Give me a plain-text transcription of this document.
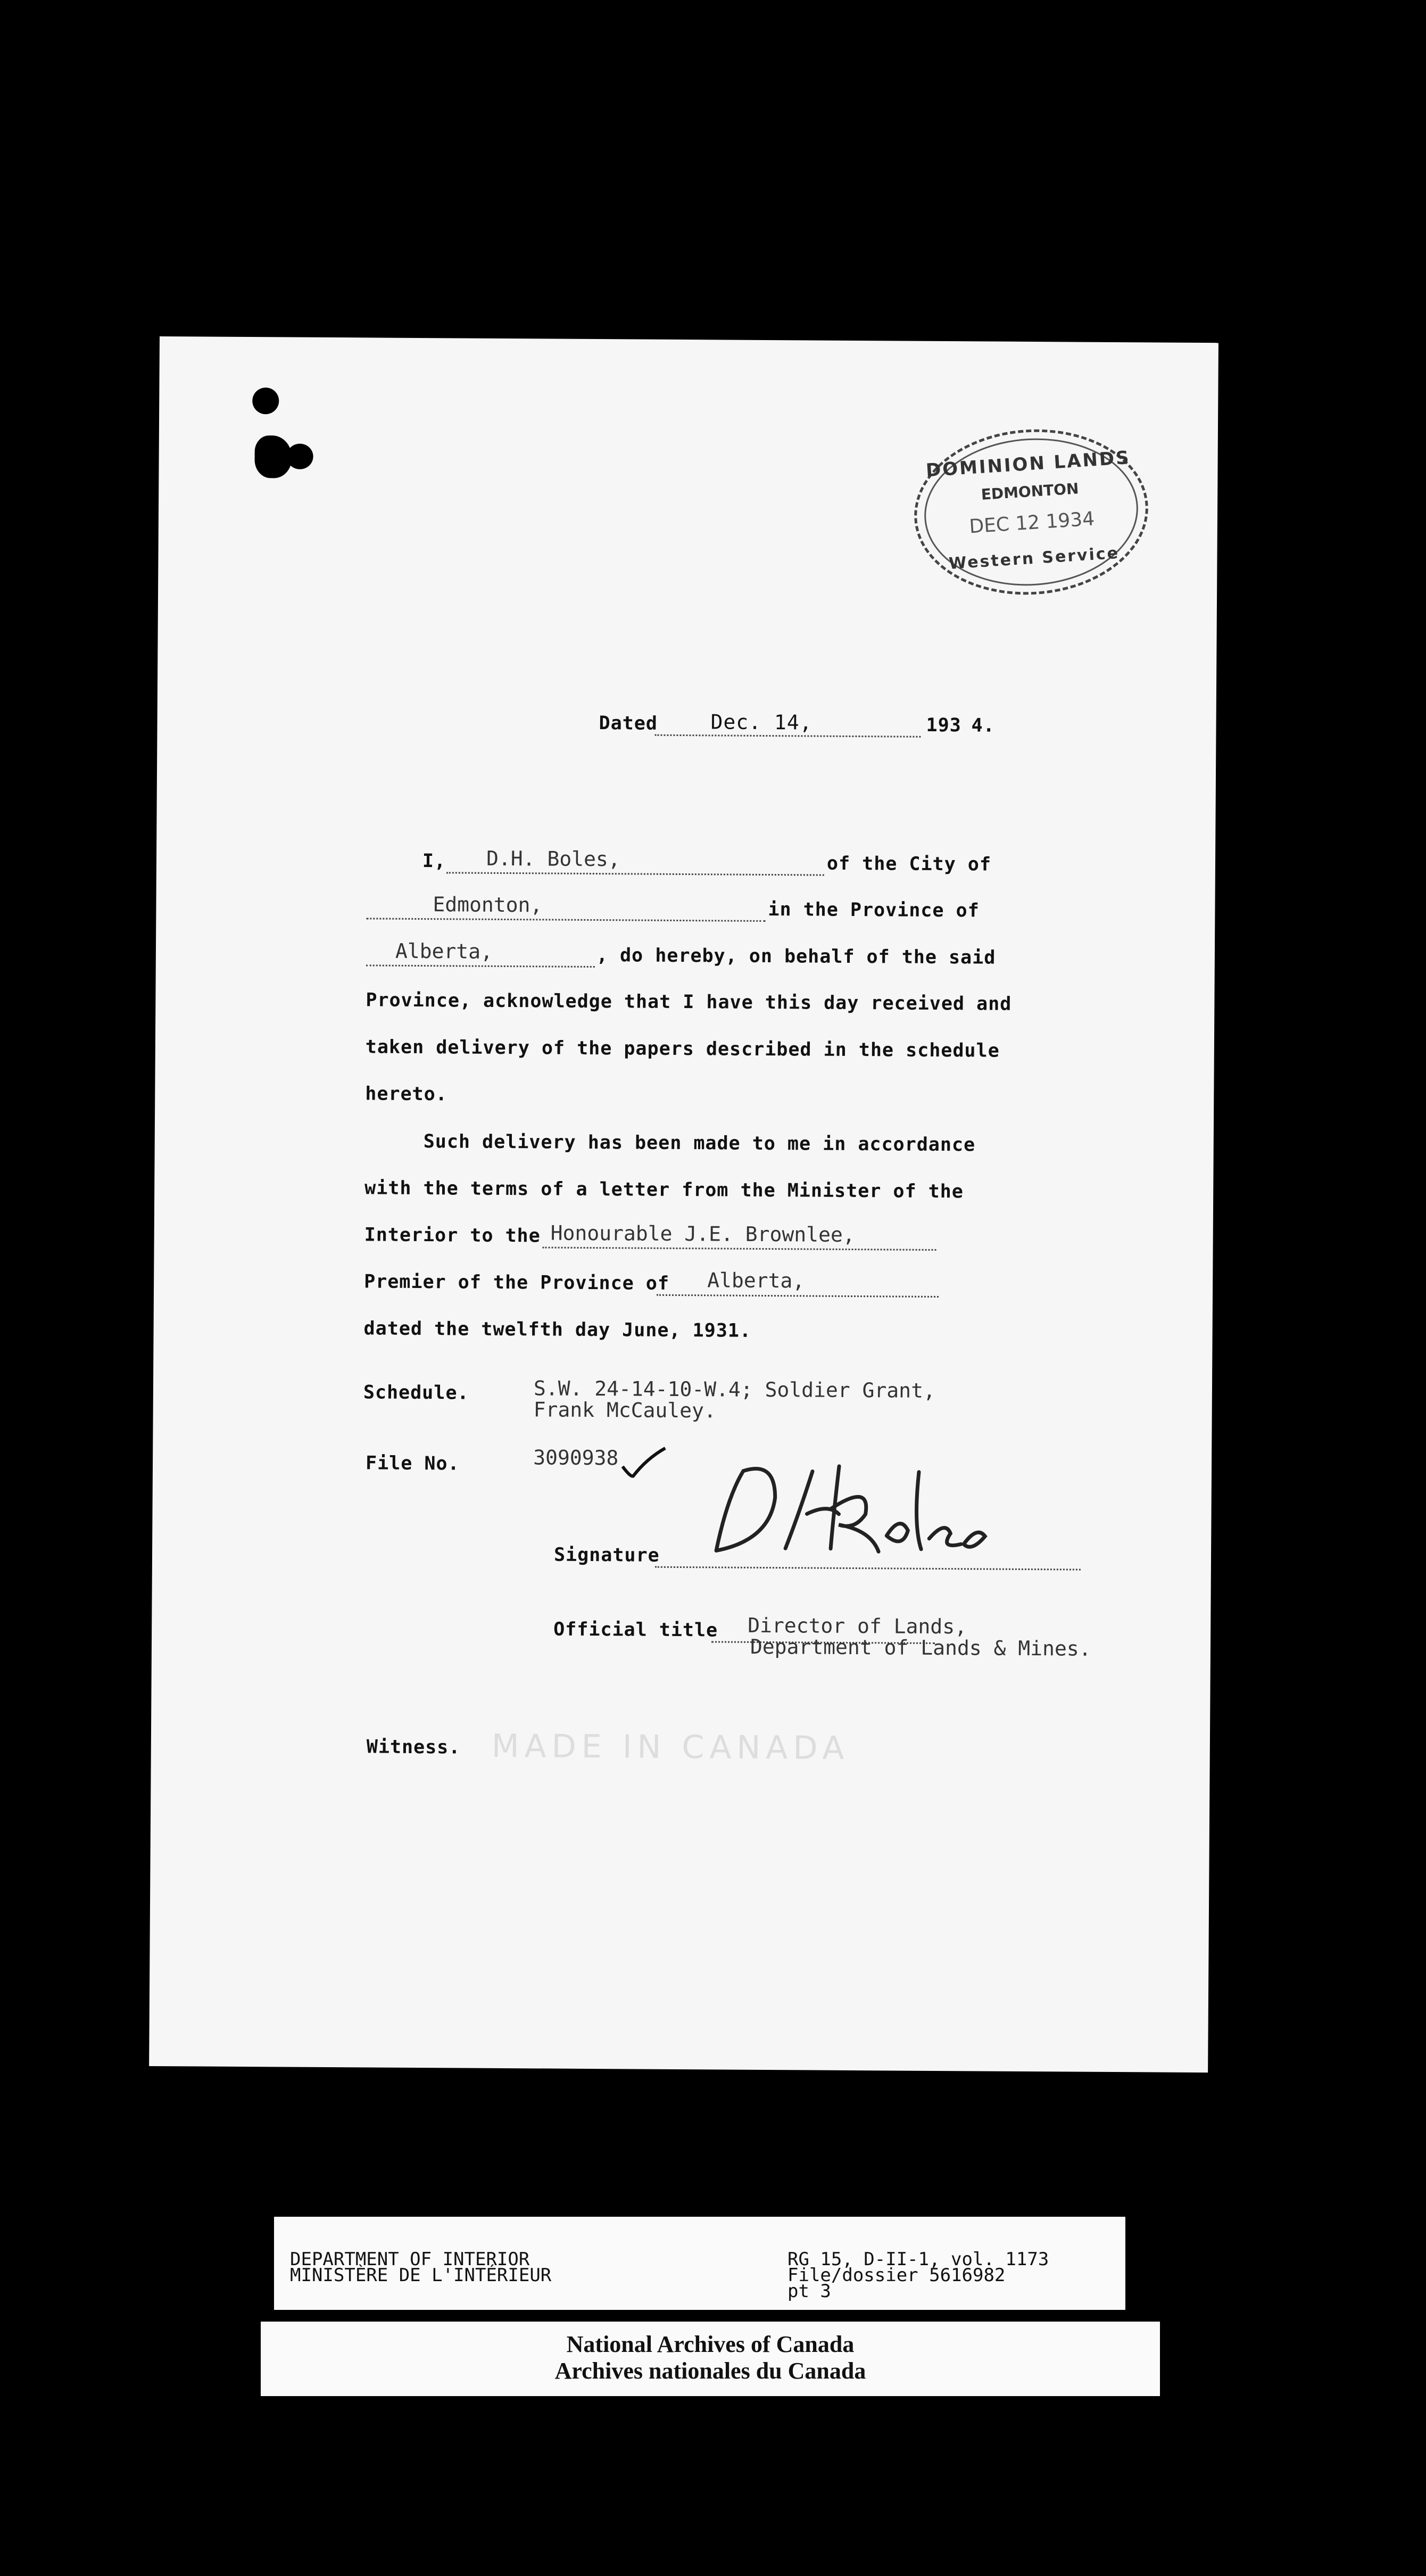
MADE IN CANADA
DOMINION LANDS
EDMONTON
DEC 12 1934
Western Service
Dated	Dec. 14,	193 4.
I, D.H. Boles,	of the City of
Edmonton,	in the Province of
Alberta,	, do hereby, on behalf of the said
Province, acknowledge that I have this day received and
taken delivery of the papers described in the schedule
hereto.
Such delivery has been made to me in accordance
with the terms of a letter from the Minister of the
Interior to the Honourable J.E. Brownlee,
Premier of the Province of Alberta,
dated the twelfth day June, 1931.
Schedule.	S.W. 24-14-10-W.4; Soldier Grant,
Frank McCauley.
File No.	3090938
Signature
Official title Director of Lands,
Department of Lands & Mines.
Witness.
DEPARTMENT OF INTERIOR
MINISTÈRE DE L'INTÉRIEUR
RG 15, D-II-1, vol. 1173
File/dossier 5616982
pt 3
National Archives of Canada
Archives nationales du Canada
